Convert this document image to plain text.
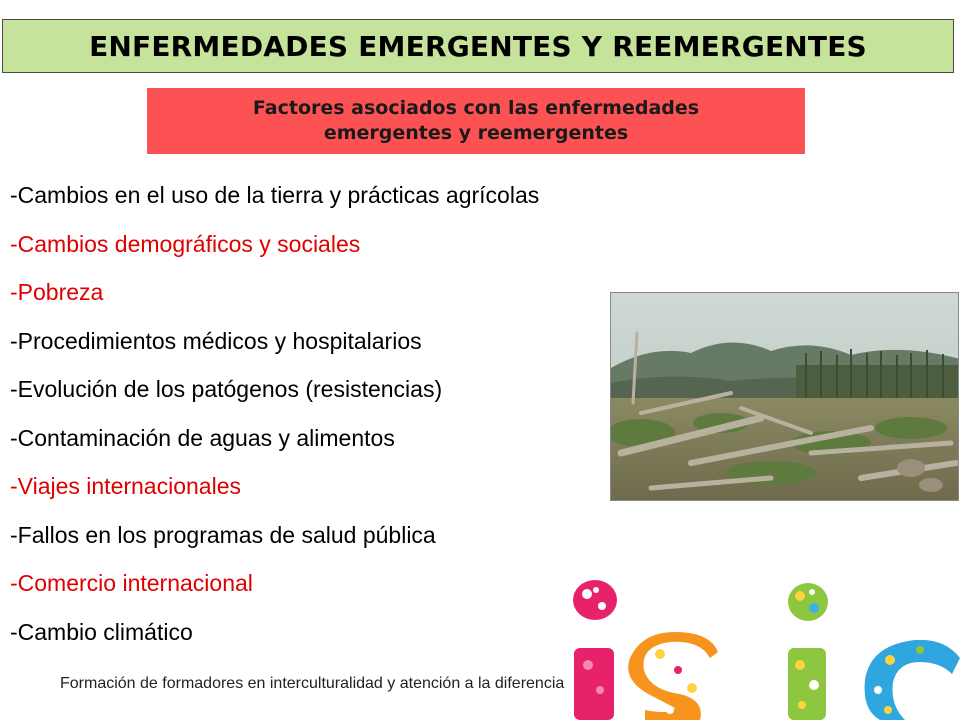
ENFERMEDADES EMERGENTES Y REEMERGENTES
Factores asociados con las enfermedades
emergentes y reemergentes
-Cambios en el uso de la tierra y prácticas agrícolas
-Cambios demográficos y sociales
-Pobreza
-Procedimientos médicos y hospitalarios
-Evolución de los patógenos (resistencias)
-Contaminación de aguas y alimentos
-Viajes internacionales
-Fallos en los programas de salud pública
-Comercio internacional
-Cambio climático
Formación de formadores en interculturalidad y atención a la diferencia
